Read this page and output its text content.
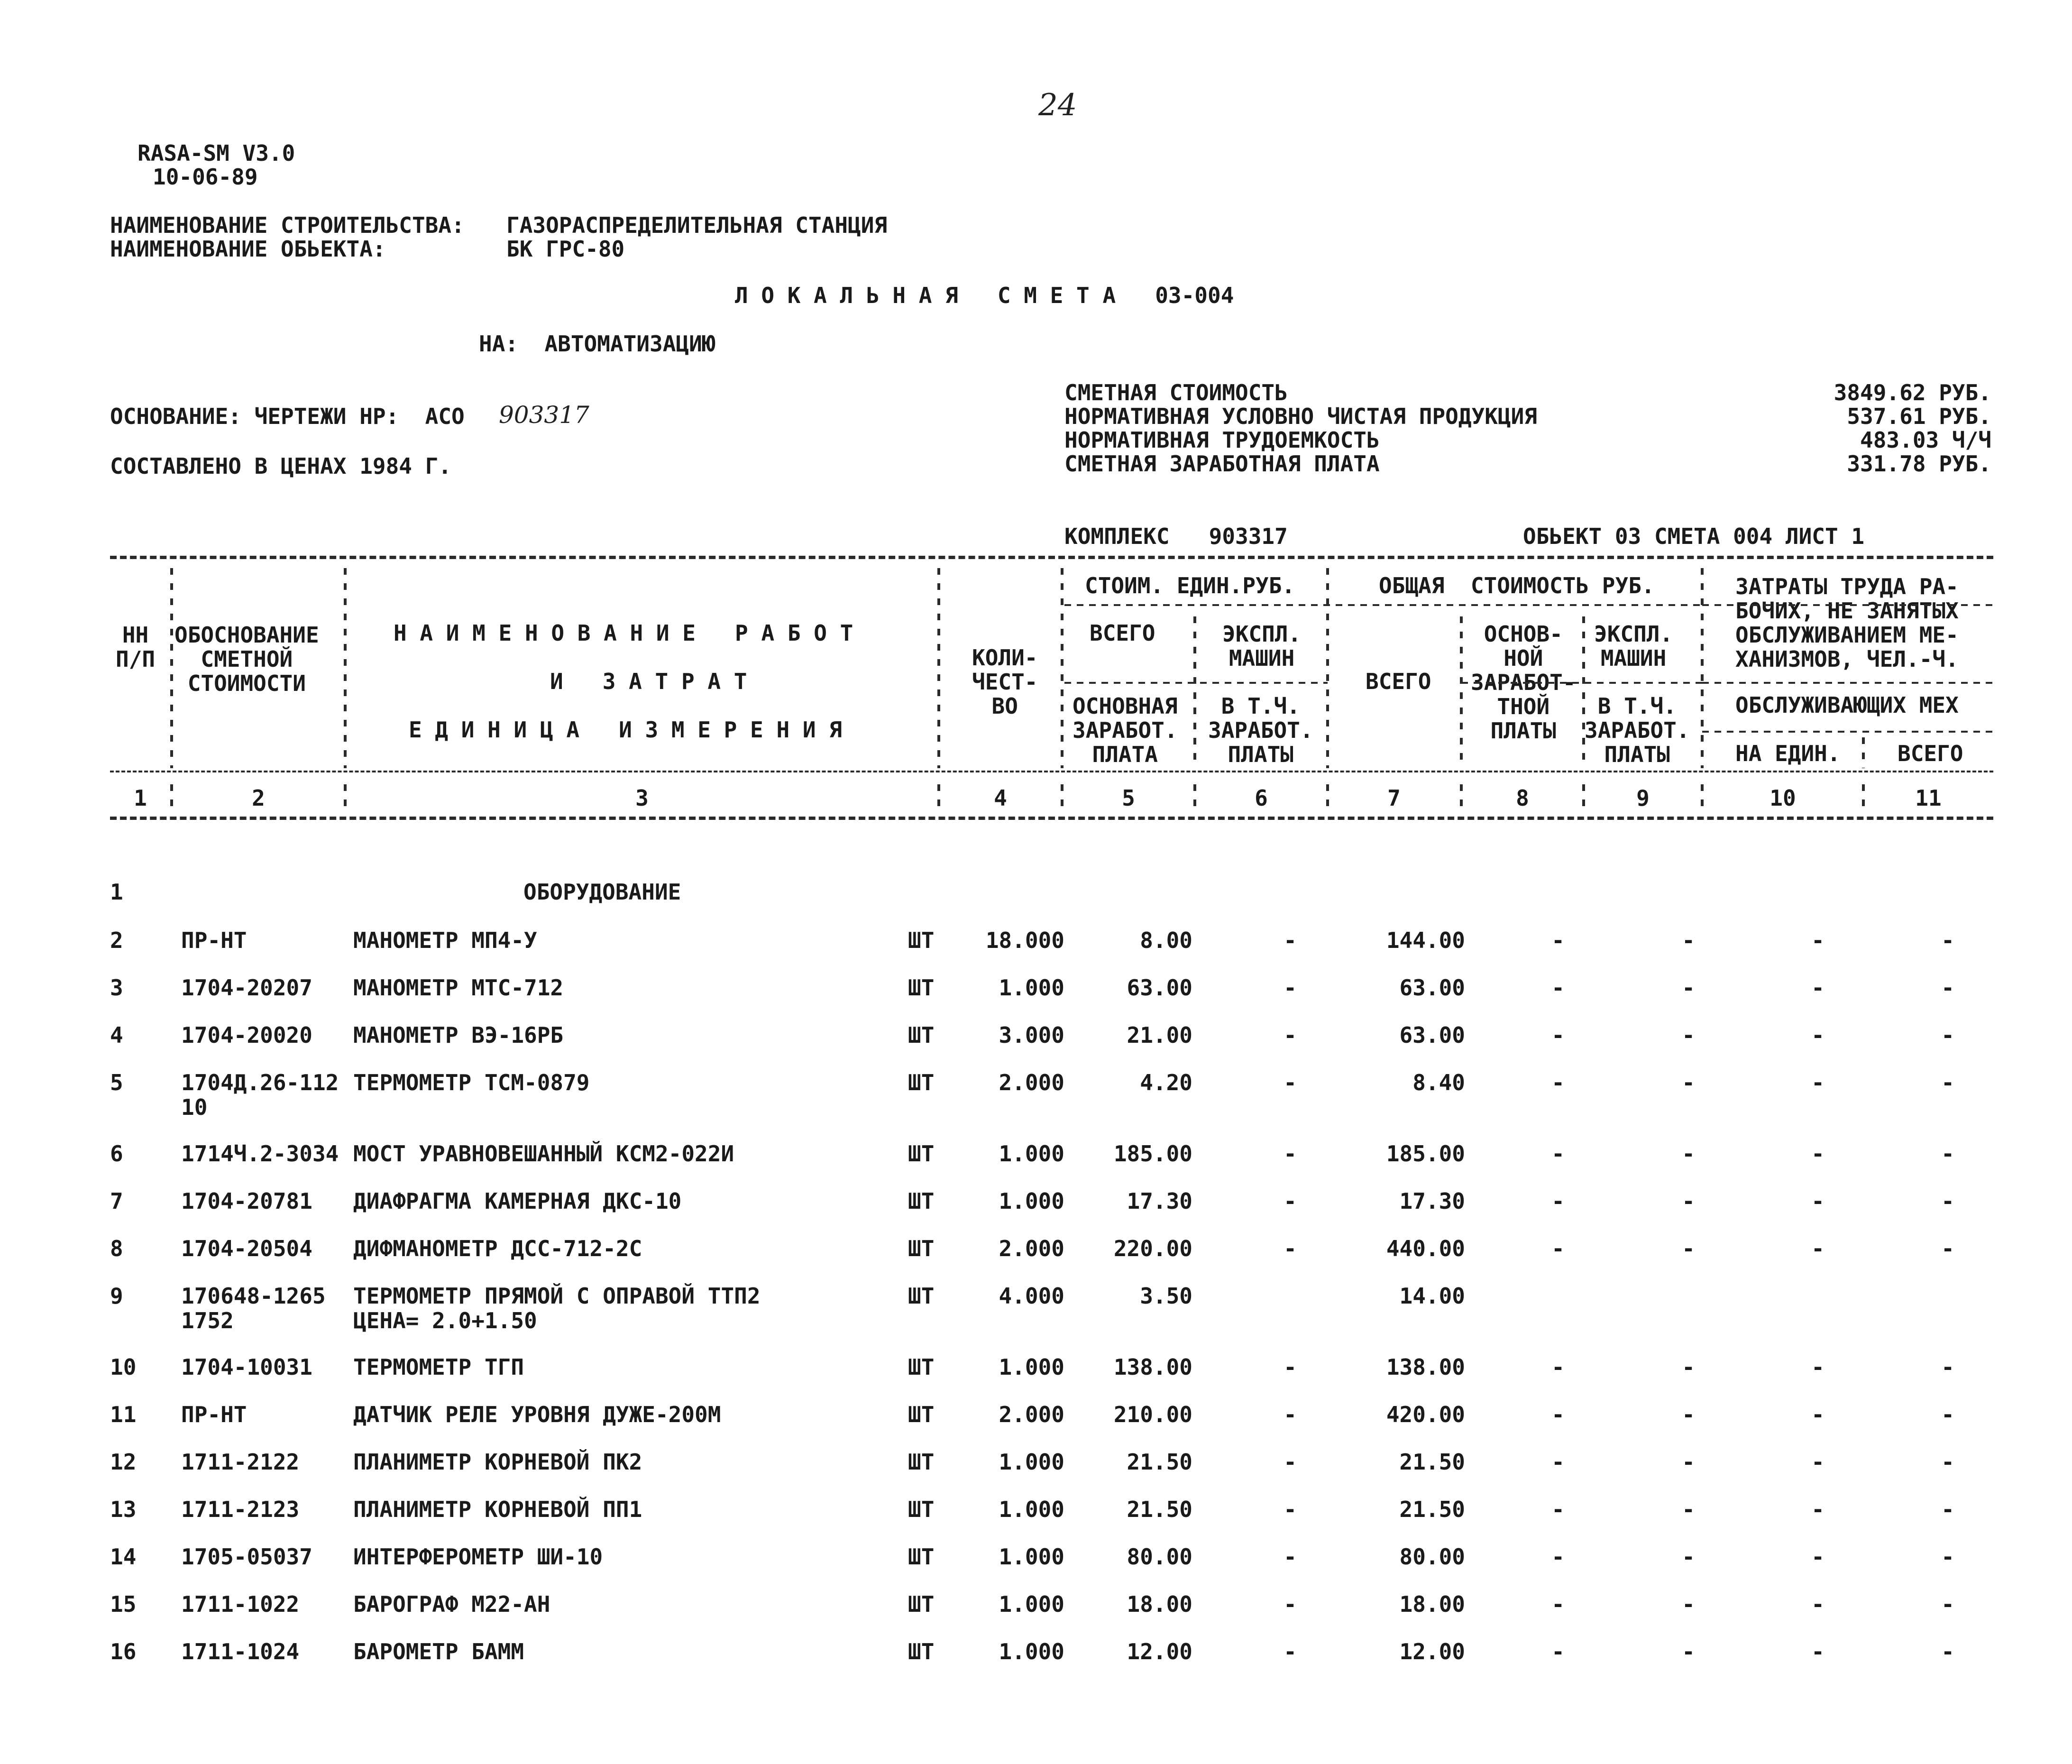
24
RASA-SM V3.0
10-06-89
НАИМЕНОВАНИЕ СТРОИТЕЛЬСТВА: ГАЗОРАСПРЕДЕЛИТЕЛЬНАЯ СТАНЦИЯ
НАИМЕНОВАНИЕ ОБЬЕКТА:	БК ГРС-80
Л О К А Л Ь Н А Я   С М Е Т А   03-004
НА:  АВТОМАТИЗАЦИЮ
ОСНОВАНИЕ: ЧЕРТЕЖИ НР:  АСО 903317
СОСТАВЛЕНО В ЦЕНАХ 1984 Г.
СМЕТНАЯ СТОИМОСТЬ	3849.62 РУБ.
НОРМАТИВНАЯ УСЛОВНО ЧИСТАЯ ПРОДУКЦИЯ	537.61 РУБ.
НОРМАТИВНАЯ ТРУДОЕМКОСТЬ	483.03 Ч/Ч
СМЕТНАЯ ЗАРАБОТНАЯ ПЛАТА	331.78 РУБ.
КОМПЛЕКС   903317	ОБЬЕКТ 03 СМЕТА 004 ЛИСТ 1
НН
П/П
ОБОСНОВАНИЕ
СМЕТНОЙ
СТОИМОСТИ
Н А И М Е Н О В А Н И Е   Р А Б О Т
И   З А Т Р А Т
Е Д И Н И Ц А   И З М Е Р Е Н И Я
КОЛИ-
ЧЕСТ-
ВО
СТОИМ. ЕДИН.РУБ.
ВСЕГО	ЭКСПЛ.
МАШИН
ОСНОВНАЯ
ЗАРАБОТ.
ПЛАТА
В Т.Ч.
ЗАРАБОТ.
ПЛАТЫ
ОБЩАЯ  СТОИМОСТЬ РУБ.
ВСЕГО
ОСНОВ-
НОЙ
ЗАРАБОТ-
ТНОЙ
ПЛАТЫ
ЭКСПЛ.
МАШИН
В Т.Ч.
ЗАРАБОТ.
ПЛАТЫ
ЗАТРАТЫ ТРУДА РА-
БОЧИХ, НЕ ЗАНЯТЫХ
ОБСЛУЖИВАНИЕМ МЕ-
ХАНИЗМОВ, ЧЕЛ.-Ч.
ОБСЛУЖИВАЮЩИХ МЕХ
НА ЕДИН.	ВСЕГО
1	2	3	4	5	6	7	8	9	10	11
1	ОБОРУДОВАНИЕ
2	ПР-НТ	МАНОМЕТР МП4-У	ШТ 18.000	8.00	-	144.00	-	-	-	-
3	1704-20207 МАНОМЕТР МТС-712	ШТ	1.000	63.00	-	63.00	-	-	-	-
4	1704-20020 МАНОМЕТР ВЭ-16РБ	ШТ	3.000	21.00	-	63.00	-	-	-	-
5	1704Д.26-112 ТЕРМОМЕТР ТСМ-0879	ШТ	2.000	4.20	-	8.40	-	-	-	-
10
6	1714Ч.2-3034 МОСТ УРАВНОВЕШАННЫЙ КСМ2-022И	ШТ	1.000 185.00	-	185.00	-	-	-	-
7	1704-20781 ДИАФРАГМА КАМЕРНАЯ ДКС-10	ШТ	1.000	17.30	-	17.30	-	-	-	-
8	1704-20504 ДИФМАНОМЕТР ДСС-712-2С	ШТ	2.000 220.00	-	440.00	-	-	-	-
9	170648-1265 ТЕРМОМЕТР ПРЯМОЙ С ОПРАВОЙ ТТП2	ШТ	4.000	3.50	14.00
1752	ЦЕНА= 2.0+1.50
10 1704-10031 ТЕРМОМЕТР ТГП	ШТ	1.000 138.00	-	138.00	-	-	-	-
11 ПР-НТ	ДАТЧИК РЕЛЕ УРОВНЯ ДУЖЕ-200М	ШТ	2.000 210.00	-	420.00	-	-	-	-
12 1711-2122 ПЛАНИМЕТР КОРНЕВОЙ ПК2	ШТ	1.000	21.50	-	21.50	-	-	-	-
13 1711-2123 ПЛАНИМЕТР КОРНЕВОЙ ПП1	ШТ	1.000	21.50	-	21.50	-	-	-	-
14 1705-05037 ИНТЕРФЕРОМЕТР ШИ-10	ШТ	1.000	80.00	-	80.00	-	-	-	-
15 1711-1022 БАРОГРАФ М22-АН	ШТ	1.000	18.00	-	18.00	-	-	-	-
16 1711-1024 БАРОМЕТР БАММ	ШТ	1.000	12.00	-	12.00	-	-	-	-
